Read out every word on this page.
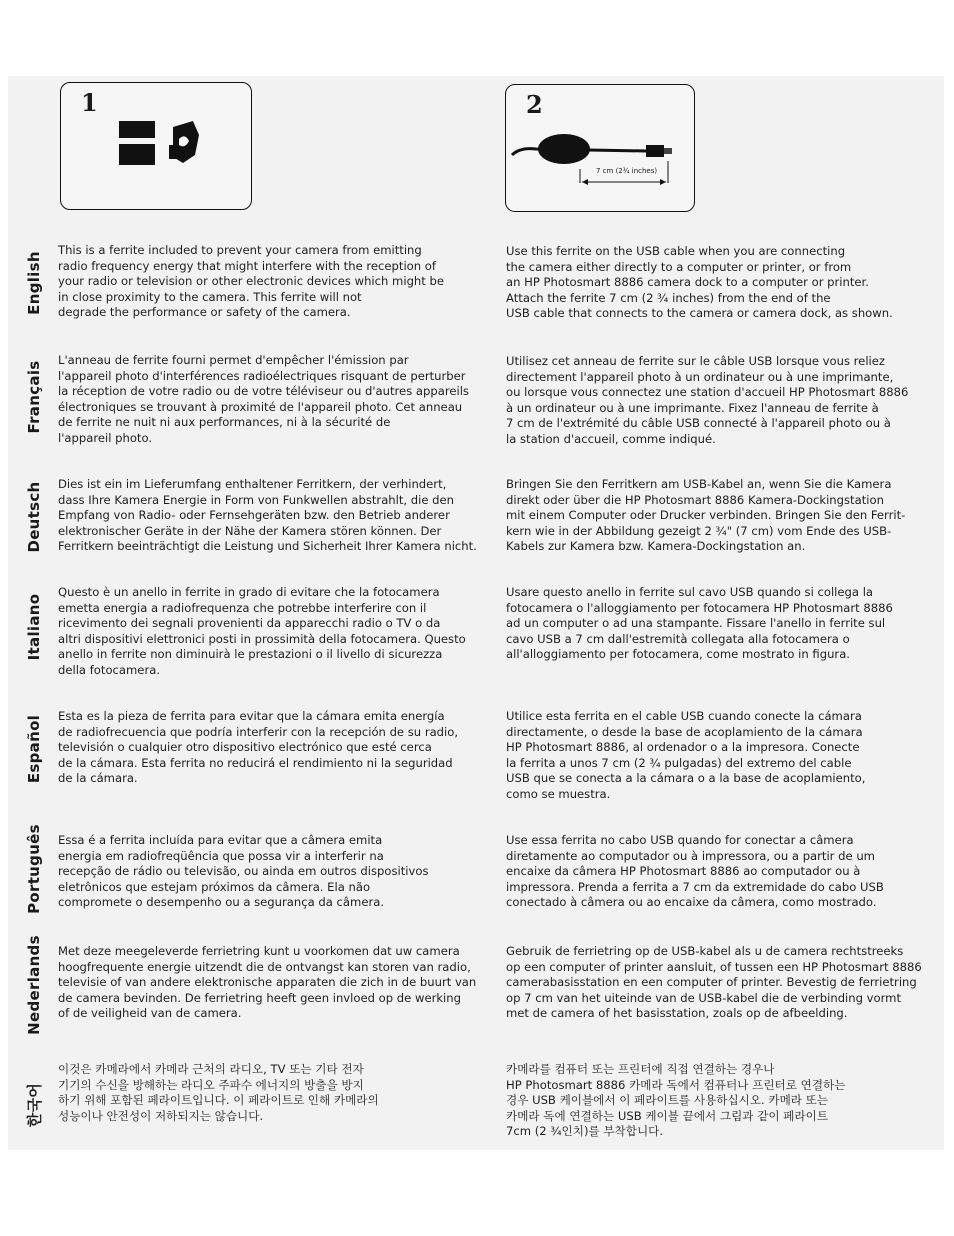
1	2
7 cm (2¾ inches)
English
This is a ferrite included to prevent your camera from emitting
radio frequency energy that might interfere with the reception of
your radio or television or other electronic devices which might be
in close proximity to the camera. This ferrite will not
degrade the performance or safety of the camera.
Use this ferrite on the USB cable when you are connecting
the camera either directly to a computer or printer, or from
an HP Photosmart 8886 camera dock to a computer or printer.
Attach the ferrite 7 cm (2 ¾ inches) from the end of the
USB cable that connects to the camera or camera dock, as shown.
Français
L'anneau de ferrite fourni permet d'empêcher l'émission par
l'appareil photo d'interférences radioélectriques risquant de perturber
la réception de votre radio ou de votre téléviseur ou d'autres appareils
électroniques se trouvant à proximité de l'appareil photo. Cet anneau
de ferrite ne nuit ni aux performances, ni à la sécurité de
l'appareil photo.
Utilisez cet anneau de ferrite sur le câble USB lorsque vous reliez
directement l'appareil photo à un ordinateur ou à une imprimante,
ou lorsque vous connectez une station d'accueil HP Photosmart 8886
à un ordinateur ou à une imprimante. Fixez l'anneau de ferrite à
7 cm de l'extrémité du câble USB connecté à l'appareil photo ou à
la station d'accueil, comme indiqué.
Deutsch Dies ist ein im Lieferumfang enthaltener Ferritkern, der verhindert,
dass Ihre Kamera Energie in Form von Funkwellen abstrahlt, die den
Empfang von Radio- oder Fernsehgeräten bzw. den Betrieb anderer
elektronischer Geräte in der Nähe der Kamera stören können. Der
Ferritkern beeinträchtigt die Leistung und Sicherheit Ihrer Kamera nicht.
Bringen Sie den Ferritkern am USB-Kabel an, wenn Sie die Kamera
direkt oder über die HP Photosmart 8886 Kamera-Dockingstation
mit einem Computer oder Drucker verbinden. Bringen Sie den Ferrit-
kern wie in der Abbildung gezeigt 2 ¾" (7 cm) vom Ende des USB-
Kabels zur Kamera bzw. Kamera-Dockingstation an.
Italiano
Questo è un anello in ferrite in grado di evitare che la fotocamera
emetta energia a radiofrequenza che potrebbe interferire con il
ricevimento dei segnali provenienti da apparecchi radio o TV o da
altri dispositivi elettronici posti in prossimità della fotocamera. Questo
anello in ferrite non diminuirà le prestazioni o il livello di sicurezza
della fotocamera.
Usare questo anello in ferrite sul cavo USB quando si collega la
fotocamera o l'alloggiamento per fotocamera HP Photosmart 8886
ad un computer o ad una stampante. Fissare l'anello in ferrite sul
cavo USB a 7 cm dall'estremità collegata alla fotocamera o
all'alloggiamento per fotocamera, come mostrato in figura.
Español Esta es la pieza de ferrita para evitar que la cámara emita energía
de radiofrecuencia que podría interferir con la recepción de su radio,
televisión o cualquier otro dispositivo electrónico que esté cerca
de la cámara. Esta ferrita no reducirá el rendimiento ni la seguridad
de la cámara.
Utilice esta ferrita en el cable USB cuando conecte la cámara
directamente, o desde la base de acoplamiento de la cámara
HP Photosmart 8886, al ordenador o a la impresora. Conecte
la ferrita a unos 7 cm (2 ¾ pulgadas) del extremo del cable
USB que se conecta a la cámara o a la base de acoplamiento,
como se muestra.
Português Essa é a ferrita incluída para evitar que a câmera emita
energia em radiofreqüência que possa vir a interferir na
recepção de rádio ou televisão, ou ainda em outros dispositivos
eletrônicos que estejam próximos da câmera. Ela não
compromete o desempenho ou a segurança da câmera.
Use essa ferrita no cabo USB quando for conectar a câmera
diretamente ao computador ou à impressora, ou a partir de um
encaixe da câmera HP Photosmart 8886 ao computador ou à
impressora. Prenda a ferrita a 7 cm da extremidade do cabo USB
conectado à câmera ou ao encaixe da câmera, como mostrado.
Nederlands Met deze meegeleverde ferrietring kunt u voorkomen dat uw camera
hoogfrequente energie uitzendt die de ontvangst kan storen van radio,
televisie of van andere elektronische apparaten die zich in de buurt van
de camera bevinden. De ferrietring heeft geen invloed op de werking
of de veiligheid van de camera.
Gebruik de ferrietring op de USB-kabel als u de camera rechtstreeks
op een computer of printer aansluit, of tussen een HP Photosmart 8886
camerabasisstation en een computer of printer. Bevestig de ferrietring
op 7 cm van het uiteinde van de USB-kabel die de verbinding vormt
met de camera of het basisstation, zoals op de afbeelding.
한국어
이것은 카메라에서 카메라 근처의 라디오, TV 또는 기타 전자
기기의 수신을 방해하는 라디오 주파수 에너지의 방출을 방지
하기 위해 포함된 페라이트입니다. 이 페라이트로 인해 카메라의
성능이나 안전성이 저하되지는 않습니다.
카메라를 컴퓨터 또는 프린터에 직접 연결하는 경우나
HP Photosmart 8886 카메라 독에서 컴퓨터나 프린터로 연결하는
경우 USB 케이블에서 이 페라이트를 사용하십시오. 카메라 또는
카메라 독에 연결하는 USB 케이블 끝에서 그림과 같이 페라이트
7cm (2 ¾인치)를 부착합니다.
